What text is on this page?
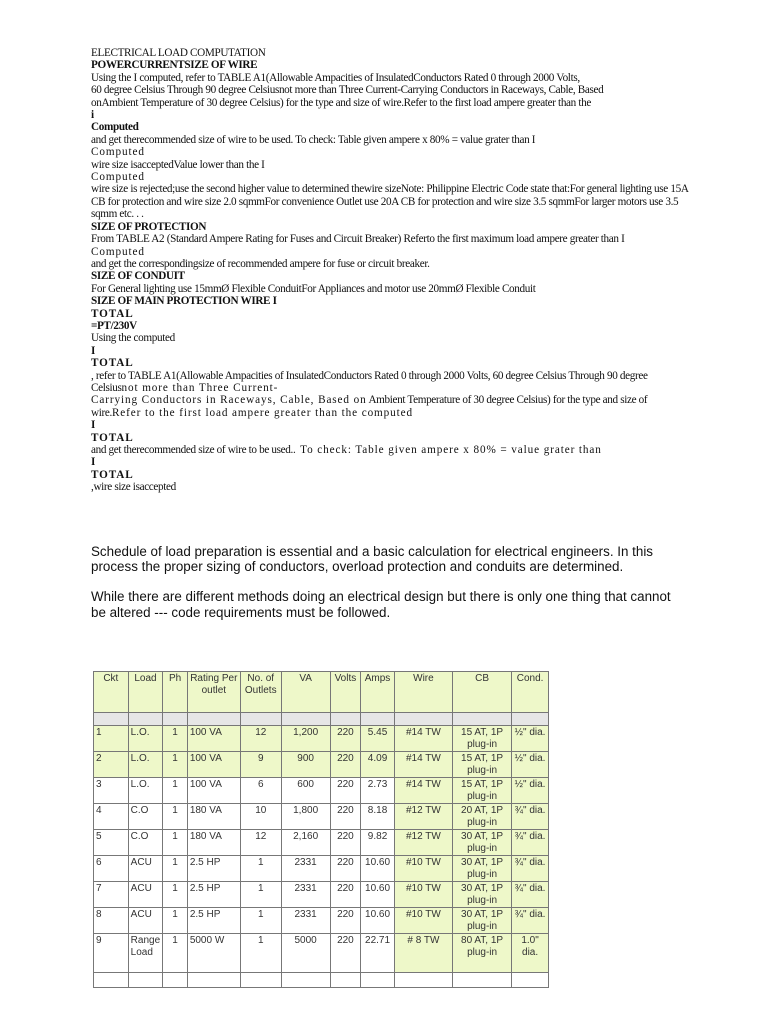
ELECTRICAL LOAD COMPUTATION
POWERCURRENTSIZE OF WIRE
Using the I computed, refer to TABLE A1(Allowable Ampacities of InsulatedConductors Rated 0 through 2000 Volts,
60 degree Celsius Through 90 degree Celsiusnot more than Three Current-Carrying Conductors in Raceways, Cable, Based
onAmbient Temperature of 30 degree Celsius) for the type and size of wire.Refer to the first load ampere greater than the
i
Computed
and get therecommended size of wire to be used. To check: Table given ampere x 80% = value grater than I
Computed
wire size isacceptedValue lower than the I
Computed
wire size is rejected;use the second higher value to determined thewire sizeNote: Philippine Electric Code state that:For general lighting use 15A CB for protection and wire size 2.0 sqmmFor convenience Outlet use 20A CB for protection and wire size 3.5 sqmmFor larger motors use 3.5 sqmm etc. . .
SIZE OF PROTECTION
From TABLE A2 (Standard Ampere Rating for Fuses and Circuit Breaker) Referto the first maximum load ampere greater than I
Computed
and get the correspondingsize of recommended ampere for fuse or circuit breaker.
SIZE OF CONDUIT
For General lighting use 15mmØ Flexible ConduitFor Appliances and motor use 20mmØ Flexible Conduit
SIZE OF MAIN PROTECTION WIRE I
TOTAL
=PT/230V
Using the computed
I
TOTAL
, refer to TABLE A1(Allowable Ampacities of InsulatedConductors Rated 0 through 2000 Volts, 60 degree Celsius Through 90 degree Celsiusnot more than Three Current-
Carrying Conductors in Raceways, Cable, Based on Ambient Temperature of 30 degree Celsius) for the type and size of wire.Refer to the first load ampere greater than the computed
I
TOTAL
and get therecommended size of wire to be used.. To check: Table given ampere x 80% = value grater than
I
TOTAL
,wire size isaccepted

Schedule of load preparation is essential and a basic calculation for electrical engineers. In this process the proper sizing of conductors, overload protection and conduits are determined.

While there are different methods doing an electrical design but there is only one thing that cannot be altered --- code requirements must be followed.

Ckt	Load	Ph	Rating Per outlet	No. of Outlets	VA	Volts	Amps	Wire	CB	Cond.

1	L.O.	1	100 VA	12	1,200	220	5.45	#14 TW	15 AT, 1P plug-in	½" dia.
2	L.O.	1	100 VA	9	900	220	4.09	#14 TW	15 AT, 1P plug-in	½" dia.
3	L.O.	1	100 VA	6	600	220	2.73	#14 TW	15 AT, 1P plug-in	½" dia.
4	C.O	1	180 VA	10	1,800	220	8.18	#12 TW	20 AT, 1P plug-in	¾" dia.
5	C.O	1	180 VA	12	2,160	220	9.82	#12 TW	30 AT, 1P plug-in	¾" dia.
6	ACU	1	2.5 HP	1	2331	220	10.60	#10 TW	30 AT, 1P plug-in	¾" dia.
7	ACU	1	2.5 HP	1	2331	220	10.60	#10 TW	30 AT, 1P plug-in	¾" dia.
8	ACU	1	2.5 HP	1	2331	220	10.60	#10 TW	30 AT, 1P plug-in	¾" dia.
9	Range Load	1	5000 W	1	5000	220	22.71	# 8 TW	80 AT, 1P plug-in	1.0" dia.
